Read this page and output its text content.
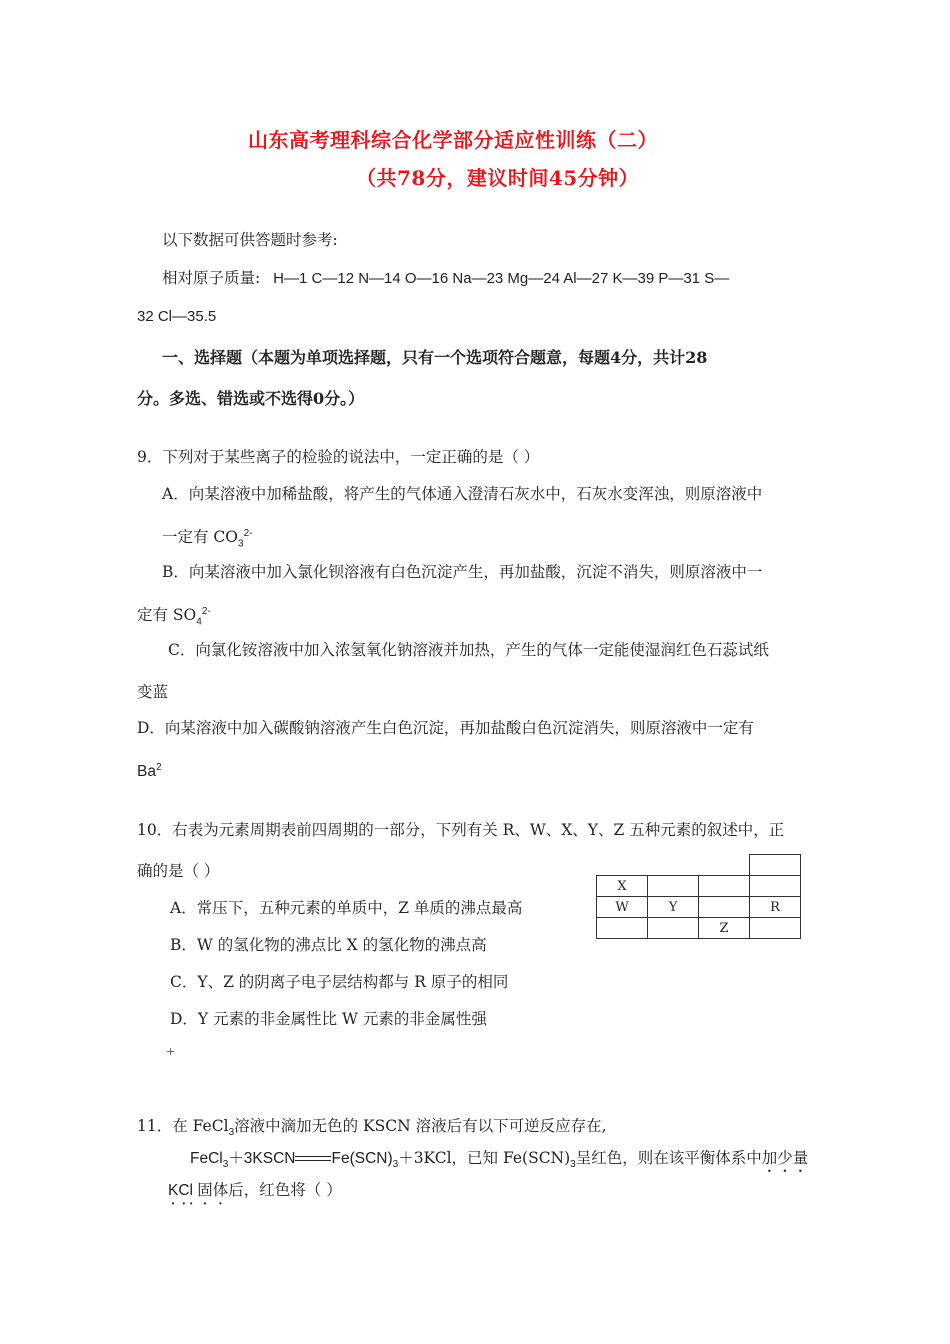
山东高考理科综合化学部分适应性训练（二）
（共78分，建议时间45分钟）
以下数据可供答题时参考:
相对原子质量: H—1 C—12 N—14 O—16 Na—23 Mg—24 Al—27 K—39 P—31 S—
32 Cl—35.5
一、选择题（本题为单项选择题，只有一个选项符合题意，每题4分，共计28
分。多选、错选或不选得0分。）
9．下列对于某些离子的检验的说法中，一定正确的是（ ）
A．向某溶液中加稀盐酸，将产生的气体通入澄清石灰水中，石灰水变浑浊，则原溶液中
一定有 $CO_3^{2-}$
B．向某溶液中加入氯化钡溶液有白色沉淀产生，再加盐酸，沉淀不消失，则原溶液中一
定有 $SO_4^{2-}$
C．向氯化铵溶液中加入浓氢氧化钠溶液并加热，产生的气体一定能使湿润红色石蕊试纸
变蓝
D．向某溶液中加入碳酸钠溶液产生白色沉淀，再加盐酸白色沉淀消失，则原溶液中一定有
Ba$^2$
10．右表为元素周期表前四周期的一部分，下列有关 R、W、X、Y、Z 五种元素的叙述中，正
确的是（ ）

X			
W	Y		R
		Z	
A．常压下，五种元素的单质中，Z 单质的沸点最高
B．W 的氢化物的沸点比 X 的氢化物的沸点高
C．Y、Z 的阴离子电子层结构都与 R 原子的相同
D．Y 元素的非金属性比 W 元素的非金属性强
+
11．在 FeCl$_3$溶液中滴加无色的 KSCN 溶液后有以下可逆反应存在,
FeCl$_3$＋3KSCN $Fe(SCN)_3+3KCl$，已知 $Fe(SCN)_3$呈红色，则在该平衡体系中加少量
KCl 固体后，红色将（ ）
